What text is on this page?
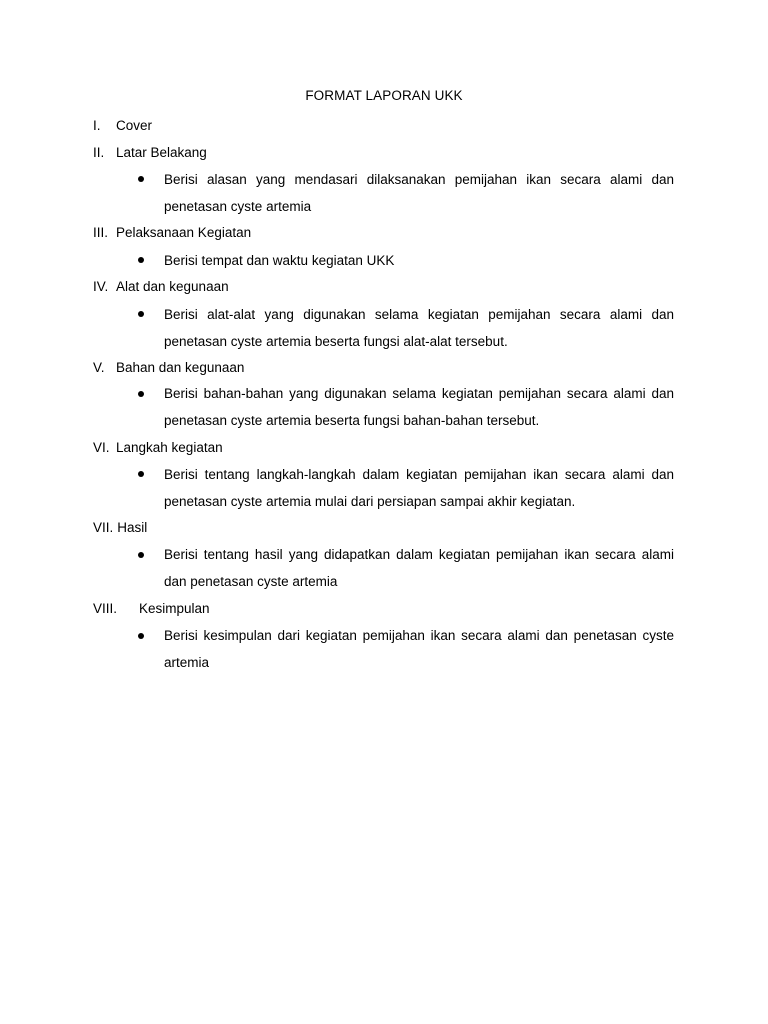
FORMAT LAPORAN UKK
I. Cover
II. Latar Belakang
Berisi alasan yang mendasari dilaksanakan pemijahan ikan secara alami dan penetasan cyste artemia
III. Pelaksanaan Kegiatan
Berisi tempat dan waktu kegiatan UKK
IV. Alat dan kegunaan
Berisi alat-alat yang digunakan selama kegiatan pemijahan secara alami dan penetasan cyste artemia beserta fungsi alat-alat tersebut.
V. Bahan dan kegunaan
Berisi bahan-bahan yang digunakan selama kegiatan pemijahan secara alami dan penetasan cyste artemia beserta fungsi bahan-bahan tersebut.
VI. Langkah kegiatan
Berisi tentang langkah-langkah dalam kegiatan pemijahan ikan secara alami dan penetasan cyste artemia mulai dari persiapan sampai akhir kegiatan.
VII. Hasil
Berisi tentang hasil yang didapatkan dalam kegiatan pemijahan ikan secara alami dan penetasan cyste artemia
VIII. Kesimpulan
Berisi kesimpulan dari kegiatan pemijahan ikan secara alami dan penetasan cyste artemia
